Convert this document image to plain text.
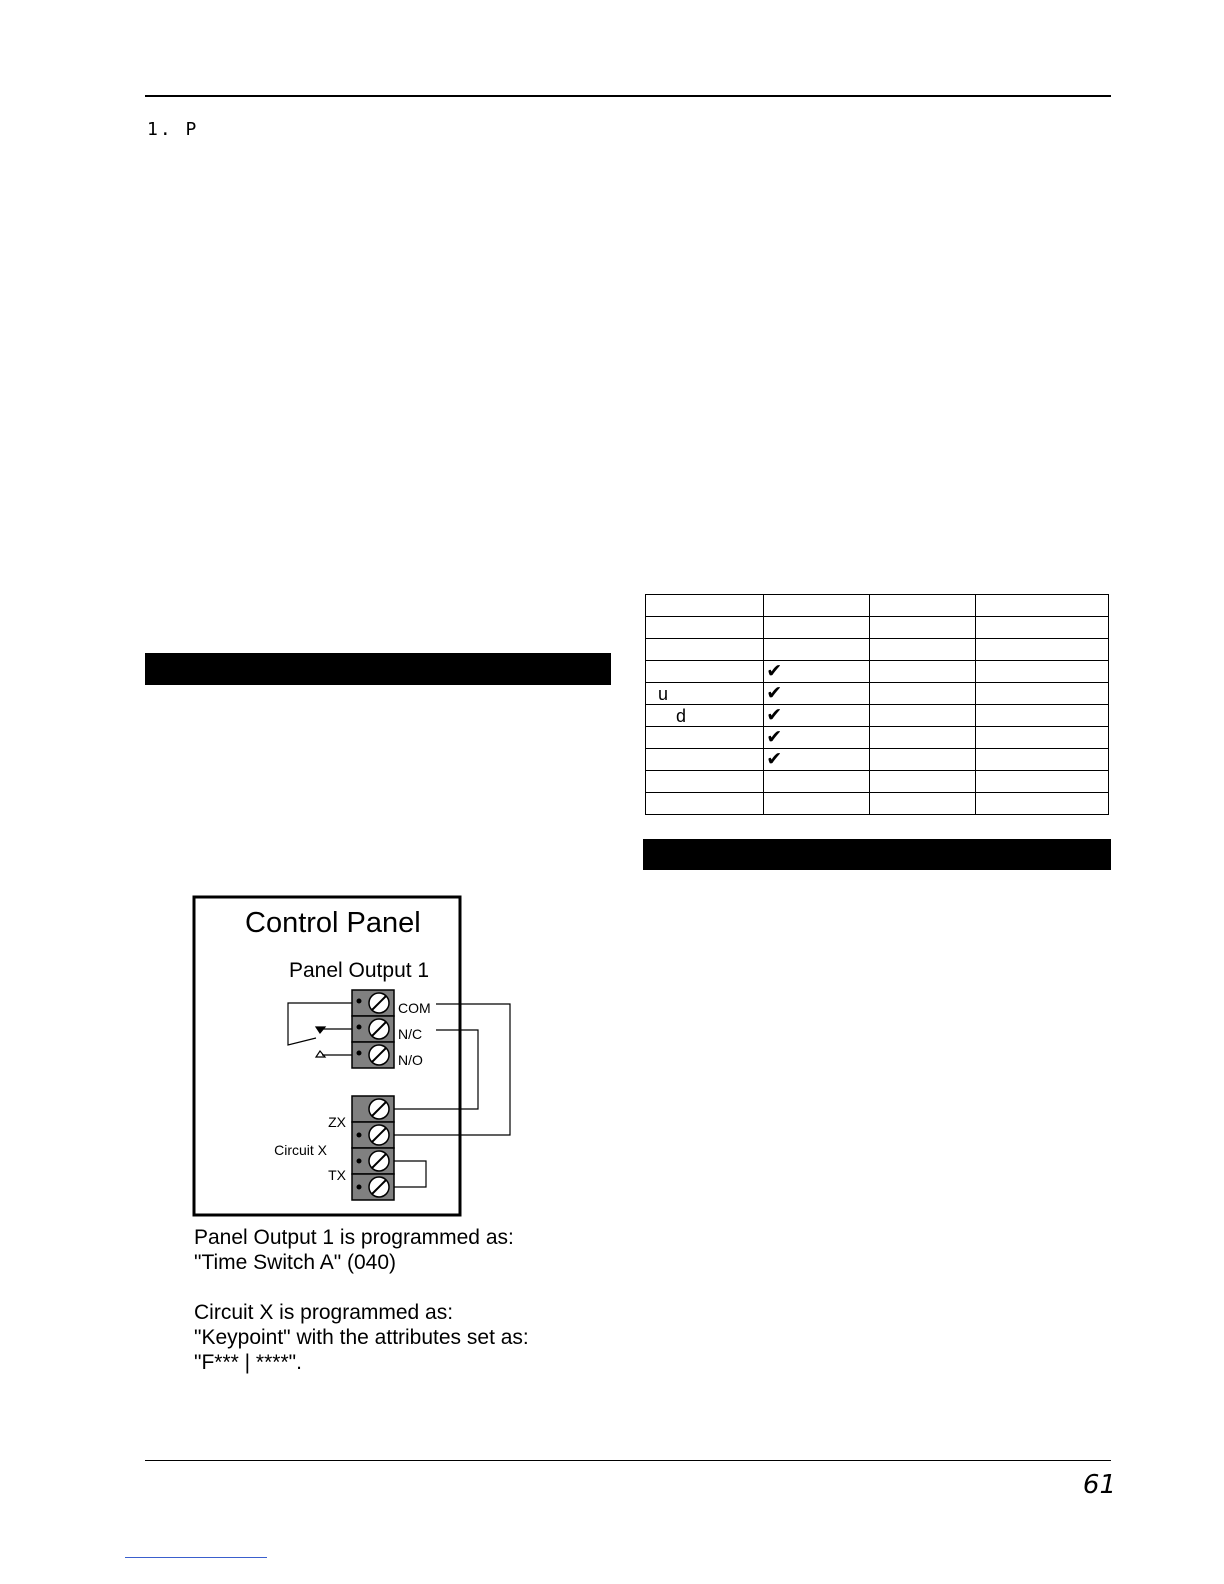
1. P

	✔		
u	✔		
d	✔		
	✔		
	✔		

Control Panel
Panel Output 1
COM
N/C
N/O
ZX
Circuit X
TX
Panel Output 1 is programmed as:
"Time Switch A" (040)
Circuit X is programmed as:
"Keypoint" with the attributes set as:
"F*** | ****".
61
